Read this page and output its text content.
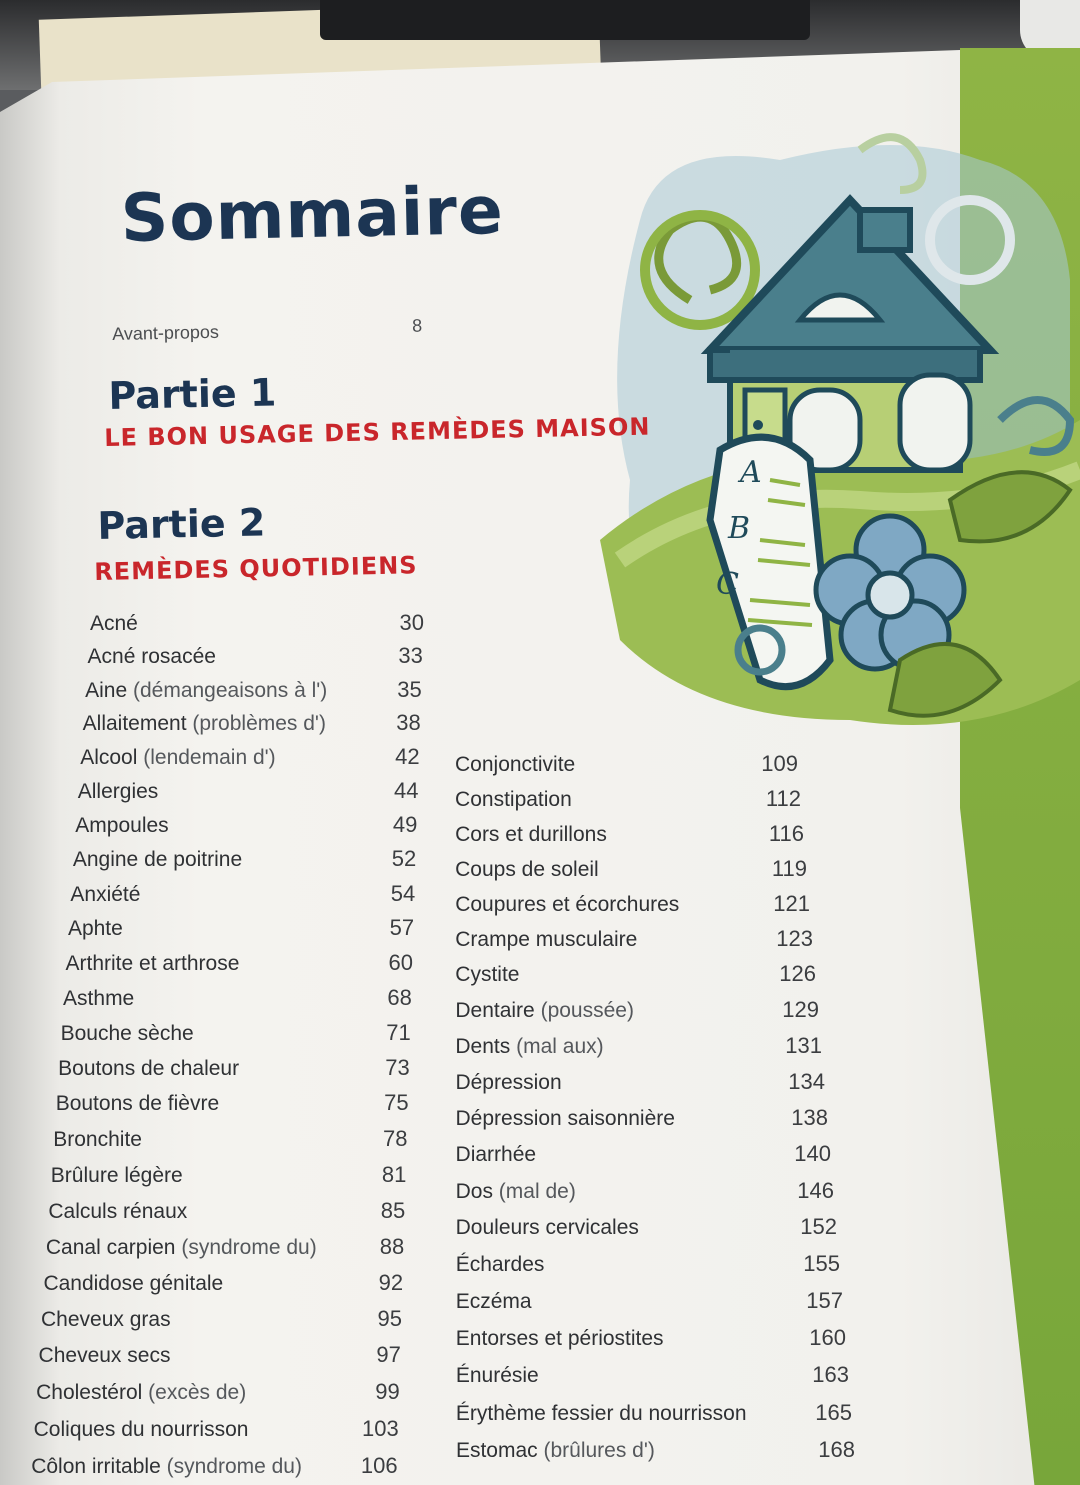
A
B
C
Sommaire
Avant-propos	8
Partie 1
LE BON USAGE DES REMÈDES MAISON
Partie 2
REMÈDES QUOTIDIENS
Acné	30
Acné rosacée	33
Aine (démangeaisons à l')	35
Allaitement (problèmes d')	38
Alcool (lendemain d')	42
Allergies	44
Ampoules	49
Angine de poitrine	52
Anxiété	54
Aphte	57
Arthrite et arthrose	60
Asthme	68
Bouche sèche	71
Boutons de chaleur	73
Boutons de fièvre	75
Bronchite	78
Brûlure légère	81
Calculs rénaux	85
Canal carpien (syndrome du)	88
Candidose génitale	92
Cheveux gras	95
Cheveux secs	97
Cholestérol (excès de)	99
Coliques du nourrisson	103
Côlon irritable (syndrome du)	106
Conjonctivite	109
Constipation	112
Cors et durillons	116
Coups de soleil	119
Coupures et écorchures	121
Crampe musculaire	123
Cystite	126
Dentaire (poussée)	129
Dents (mal aux)	131
Dépression	134
Dépression saisonnière	138
Diarrhée	140
Dos (mal de)	146
Douleurs cervicales	152
Échardes	155
Eczéma	157
Entorses et périostites	160
Énurésie	163
Érythème fessier du nourrisson	165
Estomac (brûlures d')	168
